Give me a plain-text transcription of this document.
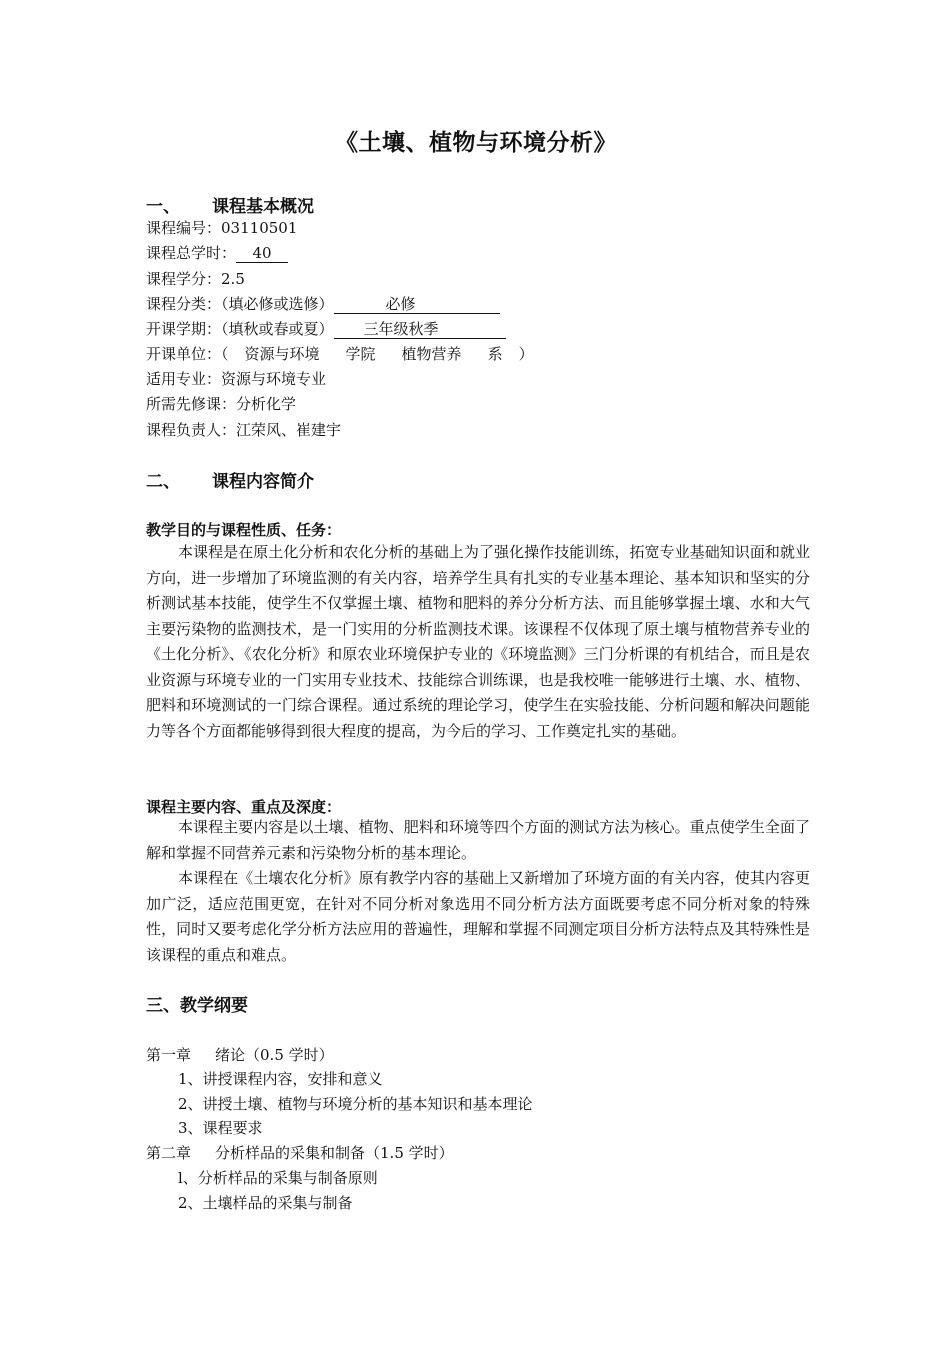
《土壤、植物与环境分析》
一、 课程基本概况
课程编号：03110501
课程总学时： 40
课程学分：2.5
课程分类：（填必修或选修）	必修
开课学期：（填秋或春或夏） 三年级秋季
开课单位：（ 资源与环境 学院 植物营养 系 ）
适用专业：资源与环境专业
所需先修课：分析化学
课程负责人：江荣风、崔建宇
二、 课程内容简介
教学目的与课程性质、任务：

本课程是在原土化分析和农化分析的基础上为了强化操作技能训练，拓宽专业基础知识面和就业方向，进一步增加了环境监测的有关内容，培养学生具有扎实的专业基本理论、基本知识和坚实的分析测试基本技能，使学生不仅掌握土壤、植物和肥料的养分分析方法、而且能够掌握土壤、水和大气主要污染物的监测技术，是一门实用的分析监测技术课。该课程不仅体现了原土壤与植物营养专业的《土化分析》、《农化分析》和原农业环境保护专业的《环境监测》三门分析课的有机结合，而且是农业资源与环境专业的一门实用专业技术、技能综合训练课，也是我校唯一能够进行土壤、水、植物、肥料和环境测试的一门综合课程。通过系统的理论学习，使学生在实验技能、分析问题和解决问题能力等各个方面都能够得到很大程度的提高，为今后的学习、工作奠定扎实的基础。

课程主要内容、重点及深度：

本课程主要内容是以土壤、植物、肥料和环境等四个方面的测试方法为核心。重点使学生全面了解和掌握不同营养元素和污染物分析的基本理论。

本课程在《土壤农化分析》原有教学内容的基础上又新增加了环境方面的有关内容，使其内容更加广泛，适应范围更宽，在针对不同分析对象选用不同分析方法方面既要考虑不同分析对象的特殊性，同时又要考虑化学分析方法应用的普遍性，理解和掌握不同测定项目分析方法特点及其特殊性是该课程的重点和难点。

三、教学纲要
第一章 绪论（0.5 学时）
1、讲授课程内容，安排和意义
2、讲授土壤、植物与环境分析的基本知识和基本理论
3、课程要求
第二章 分析样品的采集和制备（1.5 学时）
l、分析样品的采集与制备原则
2、土壤样品的采集与制备
